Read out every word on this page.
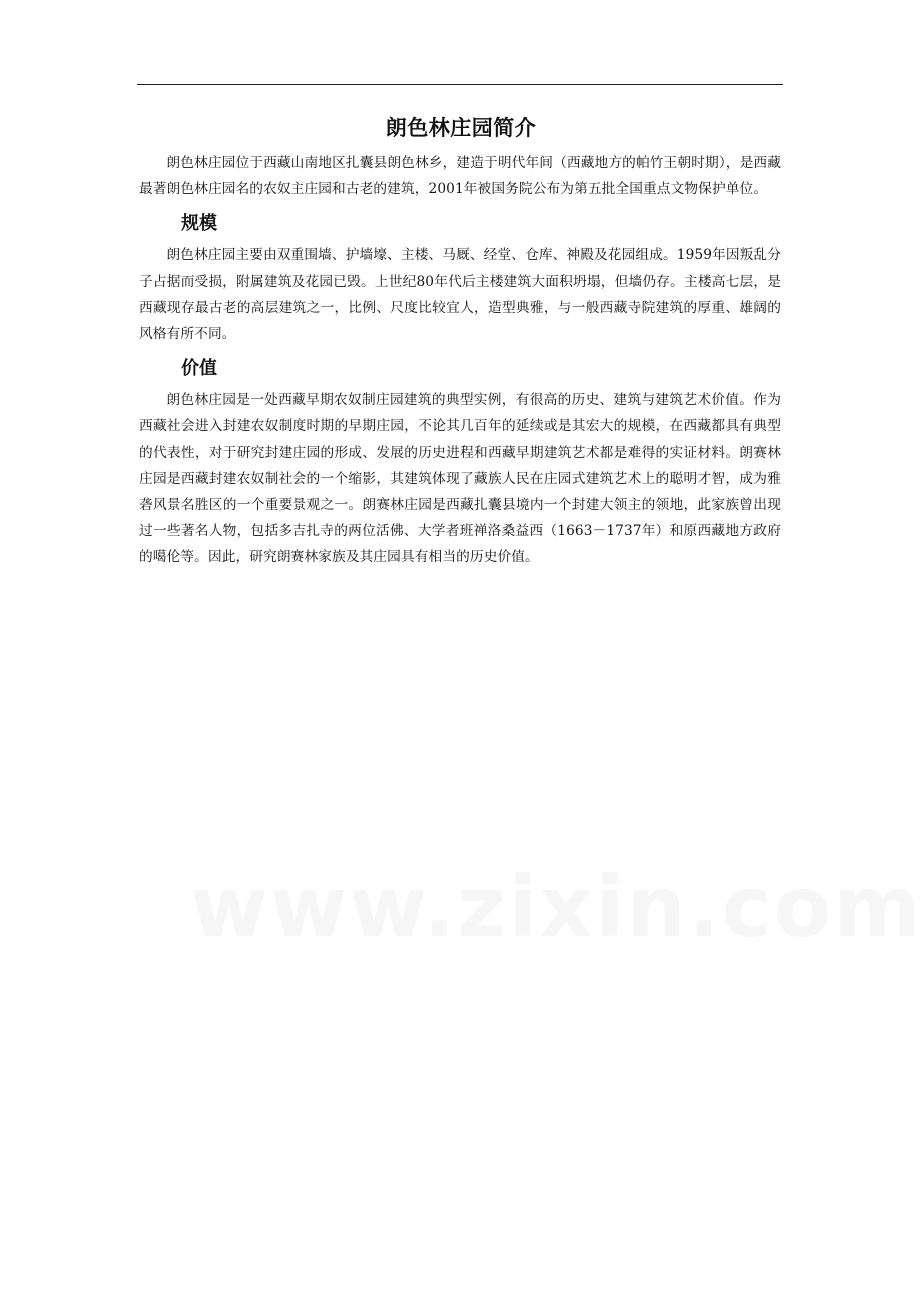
朗色林庄园简介

朗色林庄园位于西藏山南地区扎囊县朗色林乡，建造于明代年间（西藏地方的帕竹王朝时期），是西藏最著朗色林庄园名的农奴主庄园和古老的建筑，2001年被国务院公布为第五批全国重点文物保护单位。

规模

朗色林庄园主要由双重围墙、护墙壕、主楼、马厩、经堂、仓库、神殿及花园组成。1959年因叛乱分子占据而受损，附属建筑及花园已毁。上世纪80年代后主楼建筑大面积坍塌，但墙仍存。主楼高七层，是西藏现存最古老的高层建筑之一，比例、尺度比较宜人，造型典雅，与一般西藏寺院建筑的厚重、雄阔的风格有所不同。

价值

朗色林庄园是一处西藏早期农奴制庄园建筑的典型实例，有很高的历史、建筑与建筑艺术价值。作为西藏社会进入封建农奴制度时期的早期庄园，不论其几百年的延续或是其宏大的规模，在西藏都具有典型的代表性，对于研究封建庄园的形成、发展的历史进程和西藏早期建筑艺术都是难得的实证材料。朗赛林庄园是西藏封建农奴制社会的一个缩影，其建筑体现了藏族人民在庄园式建筑艺术上的聪明才智，成为雅砻风景名胜区的一个重要景观之一。朗赛林庄园是西藏扎囊县境内一个封建大领主的领地，此家族曾出现过一些著名人物，包括多吉扎寺的两位活佛、大学者班禅洛桑益西（1663－1737年）和原西藏地方政府的噶伦等。因此，研究朗赛林家族及其庄园具有相当的历史价值。
